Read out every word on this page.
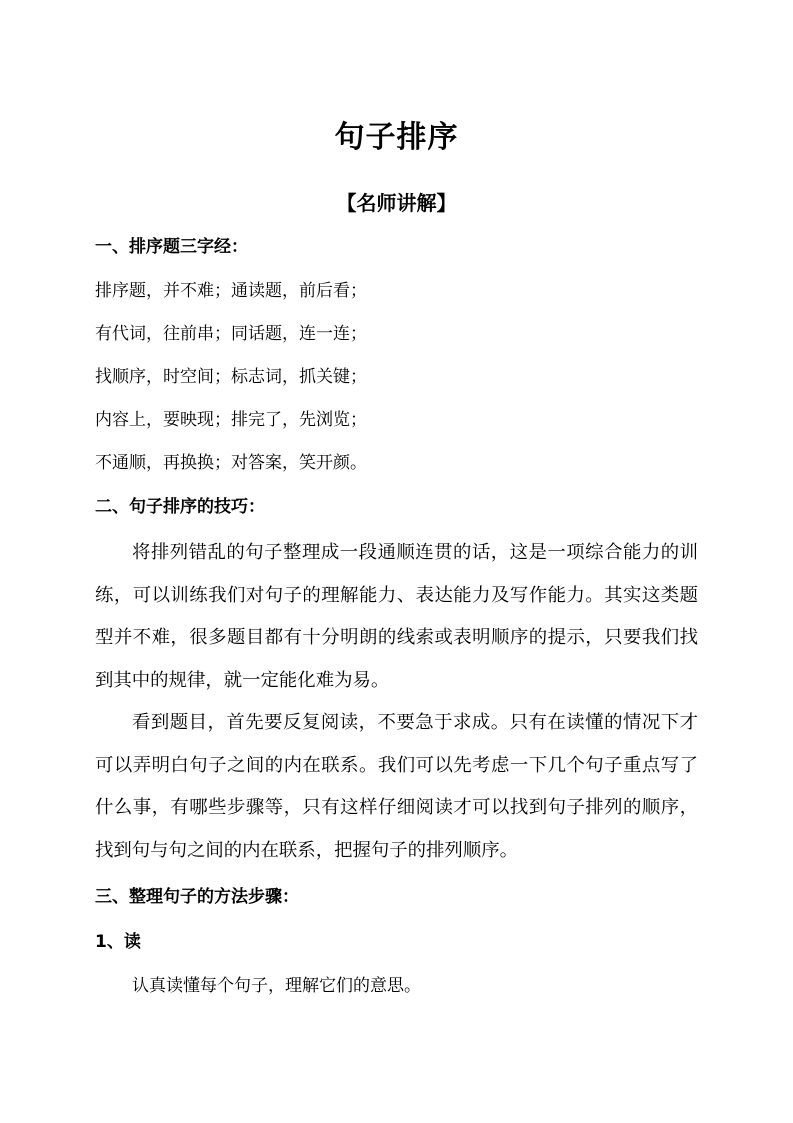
句子排序
【名师讲解】
一、排序题三字经：
排序题，并不难；通读题，前后看；
有代词，往前串；同话题，连一连；
找顺序，时空间；标志词，抓关键；
内容上，要映现；排完了，先浏览；
不通顺，再换换；对答案，笑开颜。
二、句子排序的技巧：

将排列错乱的句子整理成一段通顺连贯的话，这是一项综合能力的训练，可以训练我们对句子的理解能力、表达能力及写作能力。其实这类题型并不难，很多题目都有十分明朗的线索或表明顺序的提示，只要我们找到其中的规律，就一定能化难为易。

看到题目，首先要反复阅读，不要急于求成。只有在读懂的情况下才可以弄明白句子之间的内在联系。我们可以先考虑一下几个句子重点写了什么事，有哪些步骤等，只有这样仔细阅读才可以找到句子排列的顺序，找到句与句之间的内在联系，把握句子的排列顺序。

三、整理句子的方法步骤：
1、读
认真读懂每个句子，理解它们的意思。
